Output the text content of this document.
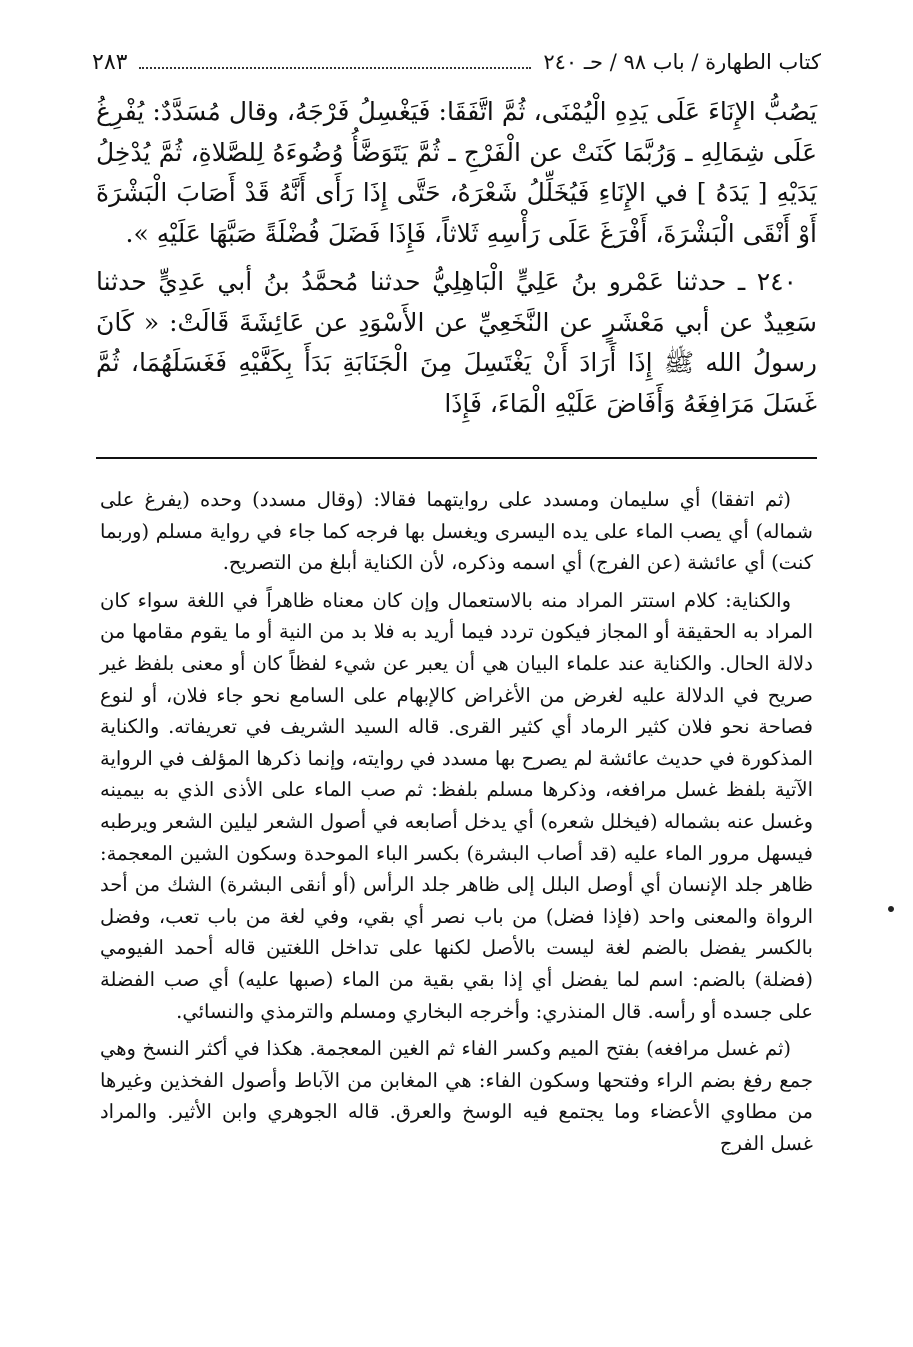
كتاب الطهارة / باب ٩٨ / حـ ٢٤٠
٢٨٣

يَصُبُّ الإِنَاءَ عَلَى يَدِهِ الْيُمْنَى، ثُمَّ اتَّفَقَا: فَيَغْسِلُ فَرْجَهُ، وقال مُسَدَّدٌ: يُفْرِغُ عَلَى شِمَالِهِ ـ وَرُبَّمَا كَنَتْ عن الْفَرْجِ ـ ثُمَّ يَتَوَضَّأُ وُضُوءَهُ لِلصَّلاةِ، ثُمَّ يُدْخِلُ يَدَيْهِ [ يَدَهُ ] في الإِنَاءِ فَيُخَلِّلُ شَعْرَهُ، حَتَّى إِذَا رَأَى أَنَّهُ قَدْ أَصَابَ الْبَشْرَةَ أَوْ أَنْقَى الْبَشْرَةَ، أَفْرَغَ عَلَى رَأْسِهِ ثَلاثاً، فَإِذَا فَضَلَ فُضْلَةً صَبَّهَا عَلَيْهِ ».

٢٤٠ ـ حدثنا عَمْرو بنُ عَلِيٍّ الْبَاهِلِيُّ حدثنا مُحمَّدُ بنُ أبي عَدِيٍّ حدثنا سَعِيدٌ عن أبي مَعْشَرٍ عن النَّخَعِيِّ عن الأَسْوَدِ عن عَائِشَةَ قَالَتْ: « كَانَ رسولُ الله ﷺ إِذَا أَرَادَ أَنْ يَغْتَسِلَ مِنَ الْجَنَابَةِ بَدَأَ بِكَفَّيْهِ فَغَسَلَهُمَا، ثُمَّ غَسَلَ مَرَافِغَهُ وَأَفَاضَ عَلَيْهِ الْمَاءَ، فَإِذَا

(ثم اتفقا) أي سليمان ومسدد على روايتهما فقالا: (وقال مسدد) وحده (يفرغ على شماله) أي يصب الماء على يده اليسرى ويغسل بها فرجه كما جاء في رواية مسلم (وربما كنت) أي عائشة (عن الفرج) أي اسمه وذكره، لأن الكناية أبلغ من التصريح.

والكناية: كلام استتر المراد منه بالاستعمال وإن كان معناه ظاهراً في اللغة سواء كان المراد به الحقيقة أو المجاز فيكون تردد فيما أريد به فلا بد من النية أو ما يقوم مقامها من دلالة الحال. والكناية عند علماء البيان هي أن يعبر عن شيء لفظاً كان أو معنى بلفظ غير صريح في الدلالة عليه لغرض من الأغراض كالإبهام على السامع نحو جاء فلان، أو لنوع فصاحة نحو فلان كثير الرماد أي كثير القرى. قاله السيد الشريف في تعريفاته. والكناية المذكورة في حديث عائشة لم يصرح بها مسدد في روايته، وإنما ذكرها المؤلف في الرواية الآتية بلفظ غسل مرافغه، وذكرها مسلم بلفظ: ثم صب الماء على الأذى الذي به بيمينه وغسل عنه بشماله (فيخلل شعره) أي يدخل أصابعه في أصول الشعر ليلين الشعر ويرطبه فيسهل مرور الماء عليه (قد أصاب البشرة) بكسر الباء الموحدة وسكون الشين المعجمة: ظاهر جلد الإنسان أي أوصل البلل إلى ظاهر جلد الرأس (أو أنقى البشرة) الشك من أحد الرواة والمعنى واحد (فإذا فضل) من باب نصر أي بقي، وفي لغة من باب تعب، وفضل بالكسر يفضل بالضم لغة ليست بالأصل لكنها على تداخل اللغتين قاله أحمد الفيومي (فضلة) بالضم: اسم لما يفضل أي إذا بقي بقية من الماء (صبها عليه) أي صب الفضلة على جسده أو رأسه. قال المنذري: وأخرجه البخاري ومسلم والترمذي والنسائي.

(ثم غسل مرافغه) بفتح الميم وكسر الفاء ثم الغين المعجمة. هكذا في أكثر النسخ وهي جمع رفغ بضم الراء وفتحها وسكون الفاء: هي المغابن من الآباط وأصول الفخذين وغيرها من مطاوي الأعضاء وما يجتمع فيه الوسخ والعرق. قاله الجوهري وابن الأثير. والمراد غسل الفرج
